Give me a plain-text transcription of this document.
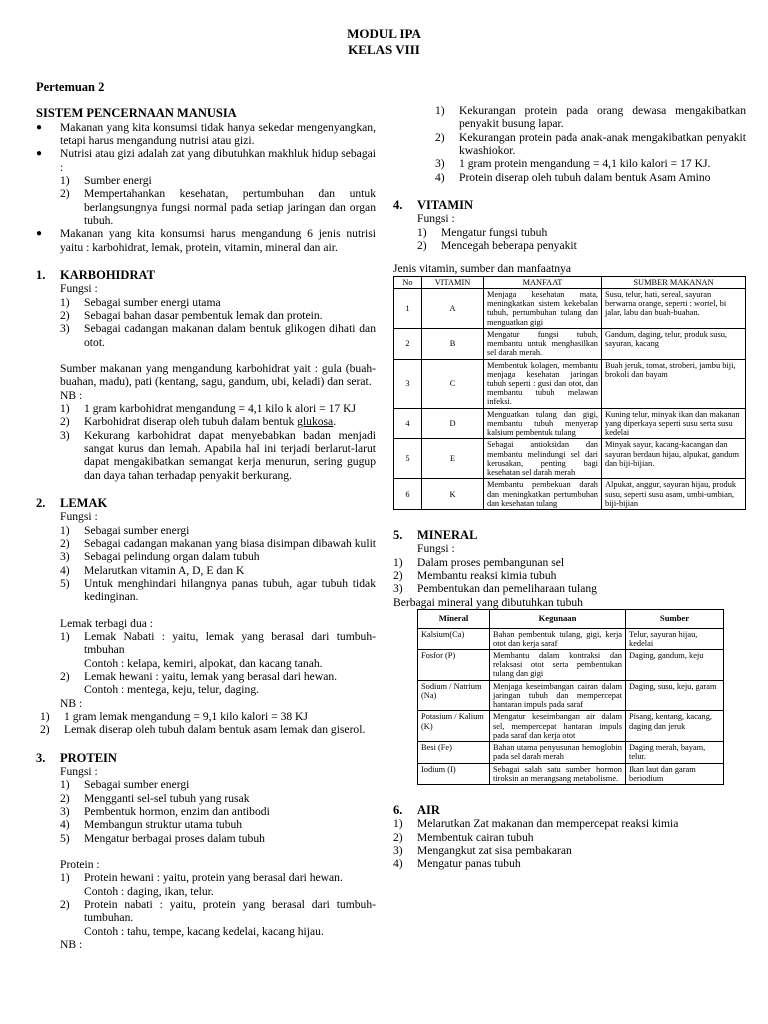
MODUL IPA
KELAS VIII
Pertemuan 2
SISTEM PENCERNAAN MANUSIA
●	Makanan yang kita konsumsi tidak hanya sekedar mengenyangkan, tetapi harus mengandung nutrisi atau gizi.
●	Nutrisi atau gizi adalah zat yang dibutuhkan makhluk hidup sebagai :
1)	Sumber energi
2)	Mempertahankan kesehatan, pertumbuhan dan untuk berlangsungnya fungsi normal pada setiap jaringan dan organ tubuh.
●	Makanan yang kita konsumsi harus mengandung 6 jenis nutrisi yaitu : karbohidrat, lemak, protein, vitamin, mineral dan air.
1.	KARBOHIDRAT
Fungsi :
1)	Sebagai sumber energi utama
2)	Sebagai bahan dasar pembentuk lemak dan protein.
3)	Sebagai cadangan makanan dalam bentuk glikogen dihati dan otot.
Sumber makanan yang mengandung karbohidrat yait : gula (buah-buahan, madu), pati (kentang, sagu, gandum, ubi, keladi) dan serat.
NB :
1)	1 gram karbohidrat mengandung = 4,1 kilo k alori = 17 KJ
2)	Karbohidrat diserap oleh tubuh dalam bentuk glukosa.
3)	Kekurang karbohidrat dapat menyebabkan badan menjadi sangat kurus dan lemah. Apabila hal ini terjadi berlarut-larut dapat mengakibatkan semangat kerja menurun, sering gugup dan daya tahan terhadap penyakit berkurang.
2.	LEMAK
Fungsi :
1)	Sebagai sumber energi
2)	Sebagai cadangan makanan yang biasa disimpan dibawah kulit
3)	Sebagai pelindung organ dalam tubuh
4)	Melarutkan vitamin A, D, E dan K
5)	Untuk menghindari hilangnya panas tubuh, agar tubuh tidak kedinginan.
Lemak terbagi dua :
1)	Lemak Nabati : yaitu, lemak yang berasal dari tumbuh-tmbuhan
Contoh : kelapa, kemiri, alpokat, dan kacang tanah.
2)	Lemak hewani : yaitu, lemak yang berasal dari hewan.
Contoh : mentega, keju, telur, daging.
NB :
1)	1 gram lemak mengandung = 9,1 kilo kalori = 38 KJ
2)	Lemak diserap oleh tubuh dalam bentuk asam lemak dan giserol.
3.	PROTEIN
Fungsi :
1)	Sebagai sumber energi
2)	Mengganti sel-sel tubuh yang rusak
3)	Pembentuk hormon, enzim dan antibodi
4)	Membangun struktur utama tubuh
5)	Mengatur berbagai proses dalam tubuh
Protein :
1)	Protein hewani : yaitu, protein yang berasal dari hewan.
Contoh : daging, ikan, telur.
2)	Protein nabati : yaitu, protein yang berasal dari tumbuh-tumbuhan.
Contoh : tahu, tempe, kacang kedelai, kacang hijau.
NB :
1)	Kekurangan protein pada orang dewasa mengakibatkan penyakit busung lapar.
2)	Kekurangan protein pada anak-anak mengakibatkan penyakit kwashiokor.
3)	1 gram protein mengandung = 4,1 kilo kalori = 17 KJ.
4)	Protein diserap oleh tubuh dalam bentuk Asam Amino
4.	VITAMIN
Fungsi :
1)	Mengatur fungsi tubuh
2)	Mencegah beberapa penyakit
Jenis vitamin, sumber dan manfaatnya
No	VITAMIN	MANFAAT	SUMBER MAKANAN
1	A	Menjaga kesehatan mata, meningkatkan sistem kekebalan tubuh, pertumbuhan tulang dan menguatkan gigi	Susu, telur, hati, sereal, sayuran berwarna orange, seperti : wortel, bi jalar, labu dan buah-buahan.
2	B	Mengatur fungsi tubuh, membantu untuk menghasilkan sel darah merah.	Gandum, daging, telur, produk susu, sayuran, kacang
3	C	Membentuk kolagen, membantu menjaga kesehatan jaringan tubuh seperti : gusi dan otot, dan membantu tubuh melawan infeksi.	Buah jeruk, tomat, stroberi, jambu biji, brokoli dan bayam
4	D	Menguatkan tulang dan gigi, membantu tubuh menyerap kalsium pembentuk tulang	Kuning telur, minyak ikan dan makanan yang diperkaya seperti susu serta susu kedelai
5	E	Sebagai antioksidan dan membantu melindungi sel dari kerusakan, penting bagi kesehatan sel darah merah	Minyak sayur, kacang-kacangan dan sayuran berdaun hijau, alpukat, gandum dan biji-bijian.
6	K	Membantu pembekuan darah dan meningkatkan pertumbuhan dan kesehatan tulang	Alpukat, anggur, sayuran hijau, produk susu, seperti susu asam, umbi-umbian, biji-bijian
5.	MINERAL
Fungsi :
1)	Dalam proses pembangunan sel
2)	Membantu reaksi kimia tubuh
3)	Pembentukan dan pemeliharaan tulang
Berbagai mineral yang dibutuhkan tubuh
Mineral	Kegunaan	Sumber
Kalsium(Ca)	Bahan pembentuk tulang, gigi, kerja otot dan kerja saraf	Telur, sayuran hijau, kedelai
Fosfor (P)	Membantu dalam kontraksi dan relaksasi otot serta pembentukan tulang dan gigi	Daging, gandum, keju
Sodium / Natrium (Na)	Menjaga keseimbangan cairan dalam jaringan tubuh dan mempercepat hantaran impuls pada saraf	Daging, susu, keju, garam
Potasium / Kalium (K)	Mengatur keseimbangan air dalam sel, mempercepat hantaran impuls pada saraf dan kerja otot	Pisang, kentang, kacang, daging dan jeruk
Besi (Fe)	Bahan utama penyusunan hemoglobin pada sel darah merah	Daging merah, bayam, telur.
Iodium (I)	Sebagai salah satu sumber hormon tiroksin an merangsang metabolisme.	Ikan laut dan garam beriodium
6.	AIR
1)	Melarutkan Zat makanan dan mempercepat reaksi kimia
2)	Membentuk cairan tubuh
3)	Mengangkut zat sisa pembakaran
4)	Mengatur panas tubuh
